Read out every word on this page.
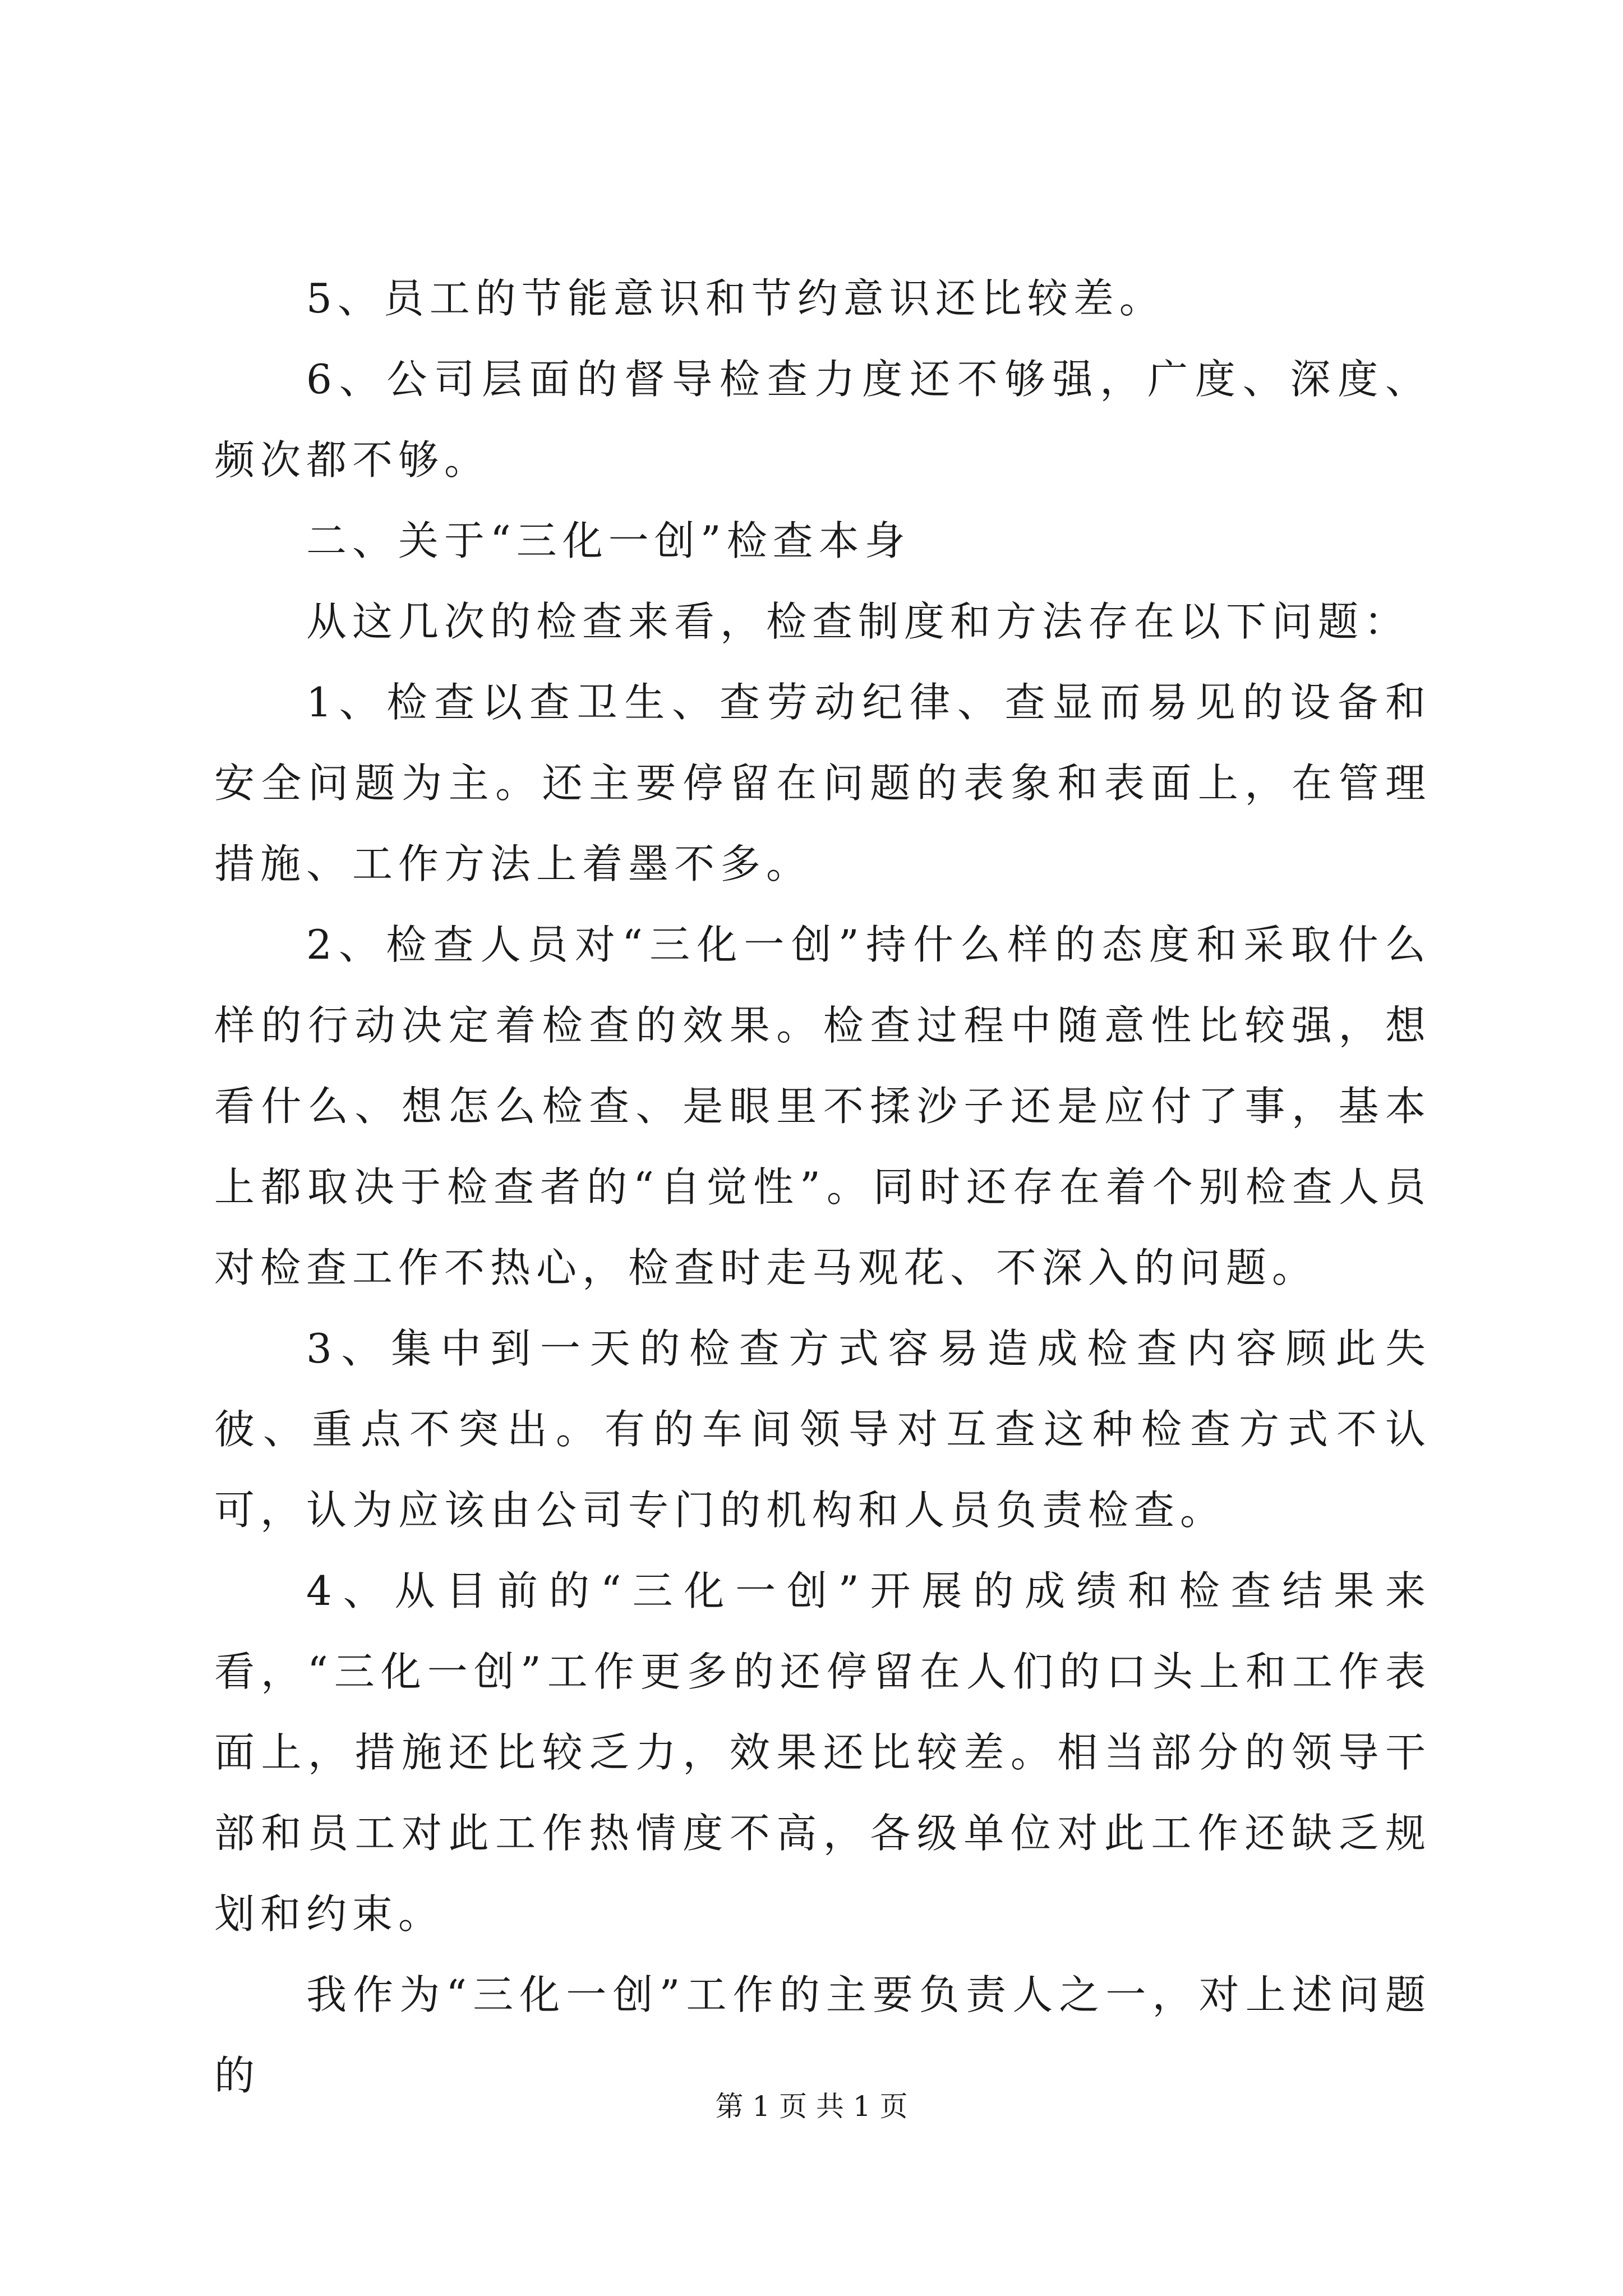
5、员工的节能意识和节约意识还比较差。

6、公司层面的督导检查力度还不够强，广度、深度、频次都不够。

二、关于“三化一创”检查本身

从这几次的检查来看，检查制度和方法存在以下问题：

1、检查以查卫生、查劳动纪律、查显而易见的设备和安全问题为主。还主要停留在问题的表象和表面上，在管理措施、工作方法上着墨不多。

2、检查人员对“三化一创”持什么样的态度和采取什么样的行动决定着检查的效果。检查过程中随意性比较强，想看什么、想怎么检查、是眼里不揉沙子还是应付了事，基本上都取决于检查者的“自觉性”。同时还存在着个别检查人员对检查工作不热心，检查时走马观花、不深入的问题。

3、集中到一天的检查方式容易造成检查内容顾此失彼、重点不突出。有的车间领导对互查这种检查方式不认可，认为应该由公司专门的机构和人员负责检查。

4、从目前的“三化一创”开展的成绩和检查结果来看，“三化一创”工作更多的还停留在人们的口头上和工作表面上，措施还比较乏力，效果还比较差。相当部分的领导干部和员工对此工作热情度不高，各级单位对此工作还缺乏规划和约束。

我作为“三化一创”工作的主要负责人之一，对上述问题的

第 1 页 共 1 页
